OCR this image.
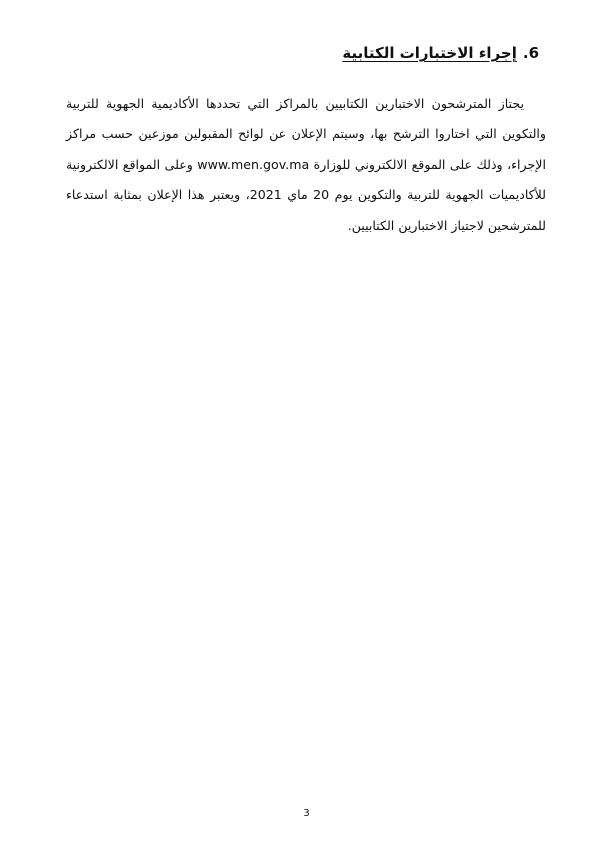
6.إجراء الاختبارات الكتابية

يجتاز المترشحون الاختبارين الكتابيين بالمراكز التي تحددها الأكاديمية الجهوية للتربية والتكوين التي اختاروا الترشح بها، وسيتم الإعلان عن لوائح المقبولين موزعين حسب مراكز الإجراء، وذلك على الموقع الالكتروني للوزارة www.men.gov.ma وعلى المواقع الالكترونية للأكاديميات الجهوية للتربية والتكوين يوم 20 ماي 2021، ويعتبر هذا الإعلان بمثابة استدعاء للمترشحين لاجتياز الاختبارين الكتابيين.

3
